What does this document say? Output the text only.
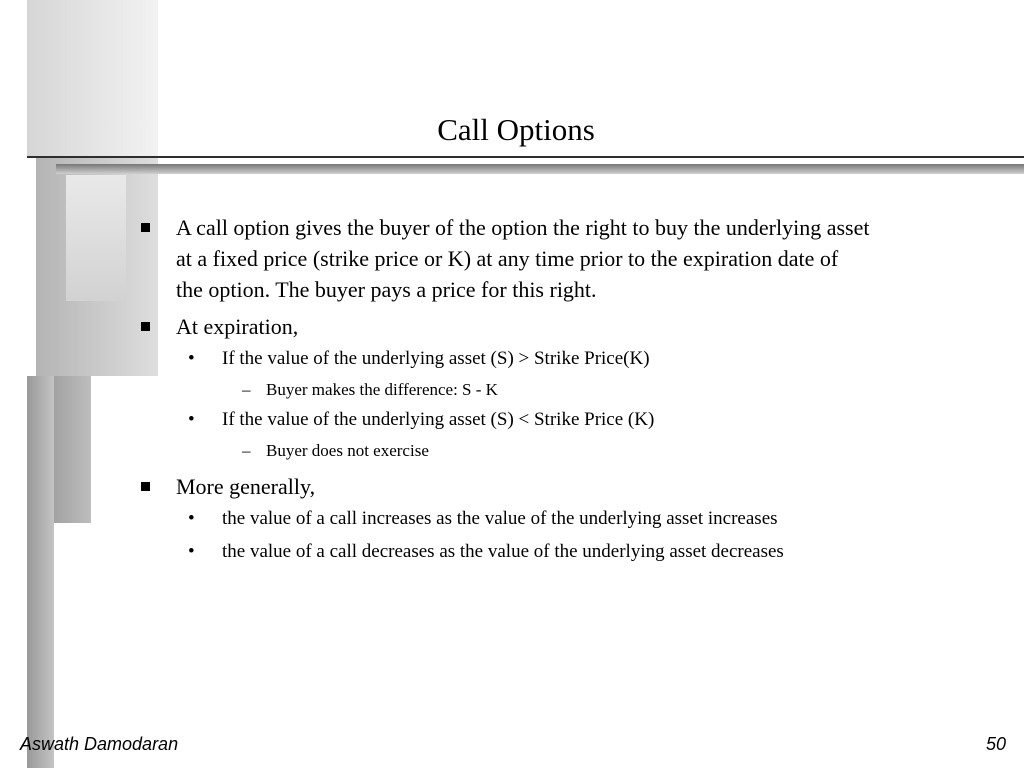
Call Options
A call option gives the buyer of the option the right to buy the underlying asset
at a fixed price (strike price or K) at any time prior to the expiration date of
the option. The buyer pays a price for this right.
At expiration,
• If the value of the underlying asset (S) > Strike Price(K)
– Buyer makes the difference: S - K
• If the value of the underlying asset (S) < Strike Price (K)
– Buyer does not exercise
More generally,
• the value of a call increases as the value of the underlying asset increases
• the value of a call decreases as the value of the underlying asset decreases
Aswath Damodaran	50
